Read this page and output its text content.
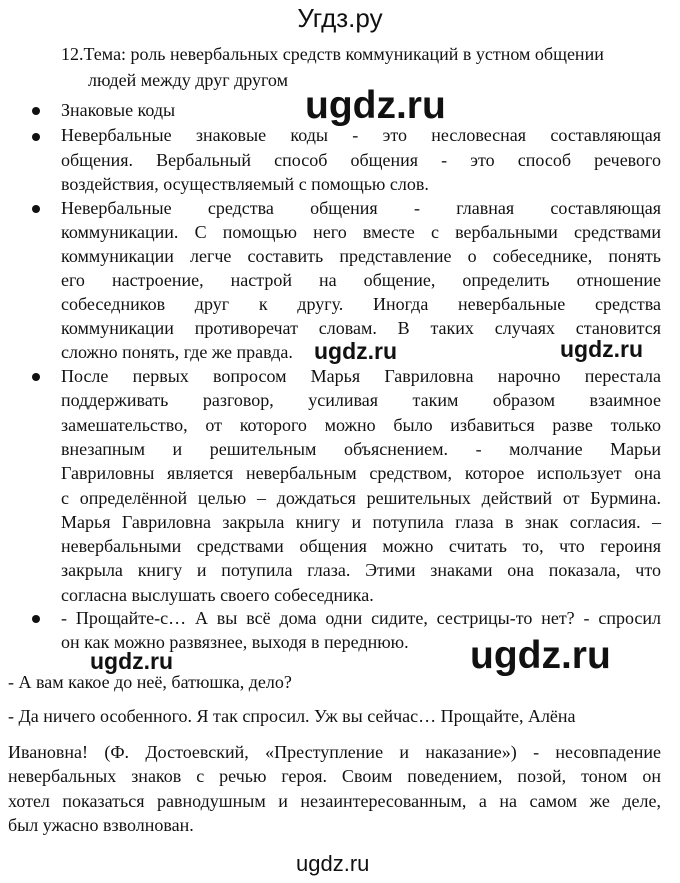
Угдз.ру
12.Тема: роль невербальных средств коммуникаций в устном общении
людей между друг другом
Знаковые коды
Невербальные знаковые коды - это несловесная составляющая
общения. Вербальный способ общения - это способ речевого
воздействия, осуществляемый с помощью слов.
Невербальные средства общения - главная составляющая
коммуникации. С помощью него вместе с вербальными средствами
коммуникации легче составить представление о собеседнике, понять
его настроение, настрой на общение, определить отношение
собеседников друг к другу. Иногда невербальные средства
коммуникации противоречат словам. В таких случаях становится
сложно понять, где же правда.
После первых вопросом Марья Гавриловна нарочно перестала
поддерживать разговор, усиливая таким образом взаимное
замешательство, от которого можно было избавиться разве только
внезапным и решительным объяснением. - молчание Марьи
Гавриловны является невербальным средством, которое использует она
с определённой целью – дождаться решительных действий от Бурмина.
Марья Гавриловна закрыла книгу и потупила глаза в знак согласия. –
невербальными средствами общения можно считать то, что героиня
закрыла книгу и потупила глаза. Этими знаками она показала, что
согласна выслушать своего собеседника.
- Прощайте-с… А вы всё дома одни сидите, сестрицы-то нет? - спросил
он как можно развязнее, выходя в переднюю.
- А вам какое до неё, батюшка, дело?
- Да ничего особенного. Я так спросил. Уж вы сейчас… Прощайте, Алёна
Ивановна! (Ф. Достоевский, «Преступление и наказание») - несовпадение
невербальных знаков с речью героя. Своим поведением, позой, тоном он
хотел показаться равнодушным и незаинтересованным, а на самом же деле,
был ужасно взволнован.
ugdz.ru
ugdz.ru	ugdz.ru
ugdz.ru
ugdz.ru
ugdz.ru
